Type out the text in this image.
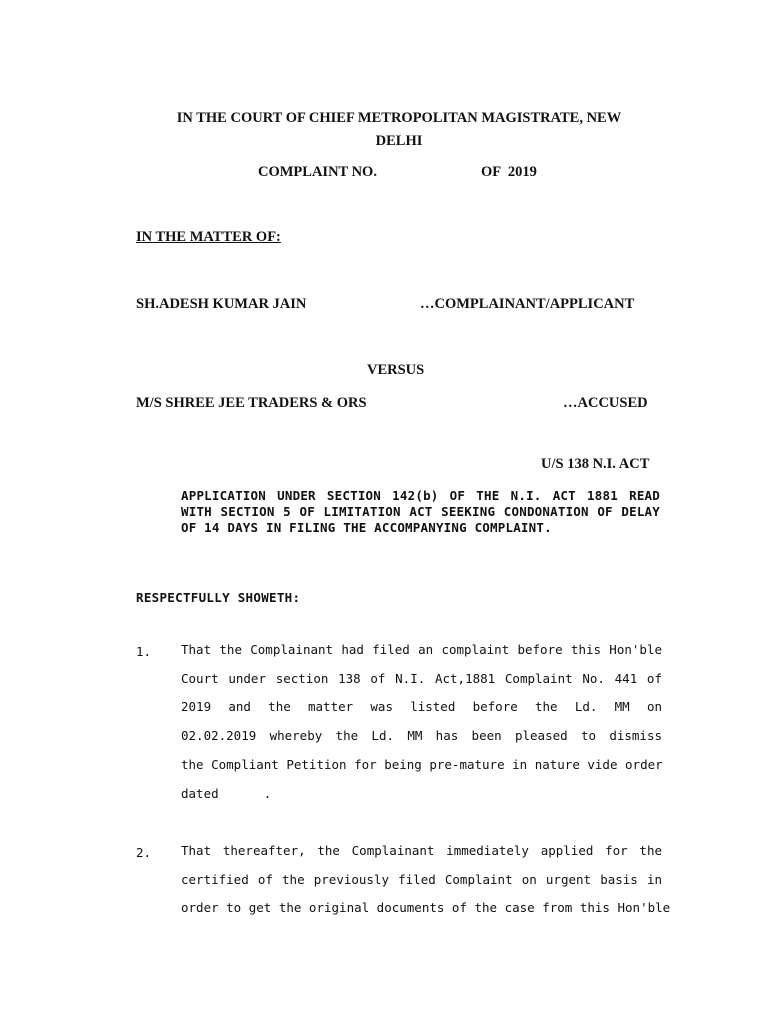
IN THE COURT OF CHIEF METROPOLITAN MAGISTRATE, NEW
DELHI
COMPLAINT NO.	OF  2019
IN THE MATTER OF:
SH.ADESH KUMAR JAIN	…COMPLAINANT/APPLICANT
VERSUS
M/S SHREE JEE TRADERS & ORS	…ACCUSED
U/S 138 N.I. ACT
APPLICATION UNDER SECTION 142(b) OF THE N.I. ACT 1881 READ WITH SECTION 5 OF LIMITATION ACT SEEKING CONDONATION OF DELAY OF 14 DAYS IN FILING THE ACCOMPANYING COMPLAINT.
RESPECTFULLY SHOWETH:
1. That the Complainant had filed an complaint before this Hon'ble
Court under section 138 of N.I. Act,1881 Complaint No. 441 of
2019 and the matter was listed before the Ld. MM on
02.02.2019 whereby the Ld. MM has been pleased to dismiss
the Compliant Petition for being pre-mature in nature vide order
dated      .
2. That thereafter, the Complainant immediately applied for the
certified of the previously filed Complaint on urgent basis in
order to get the original documents of the case from this Hon'ble
